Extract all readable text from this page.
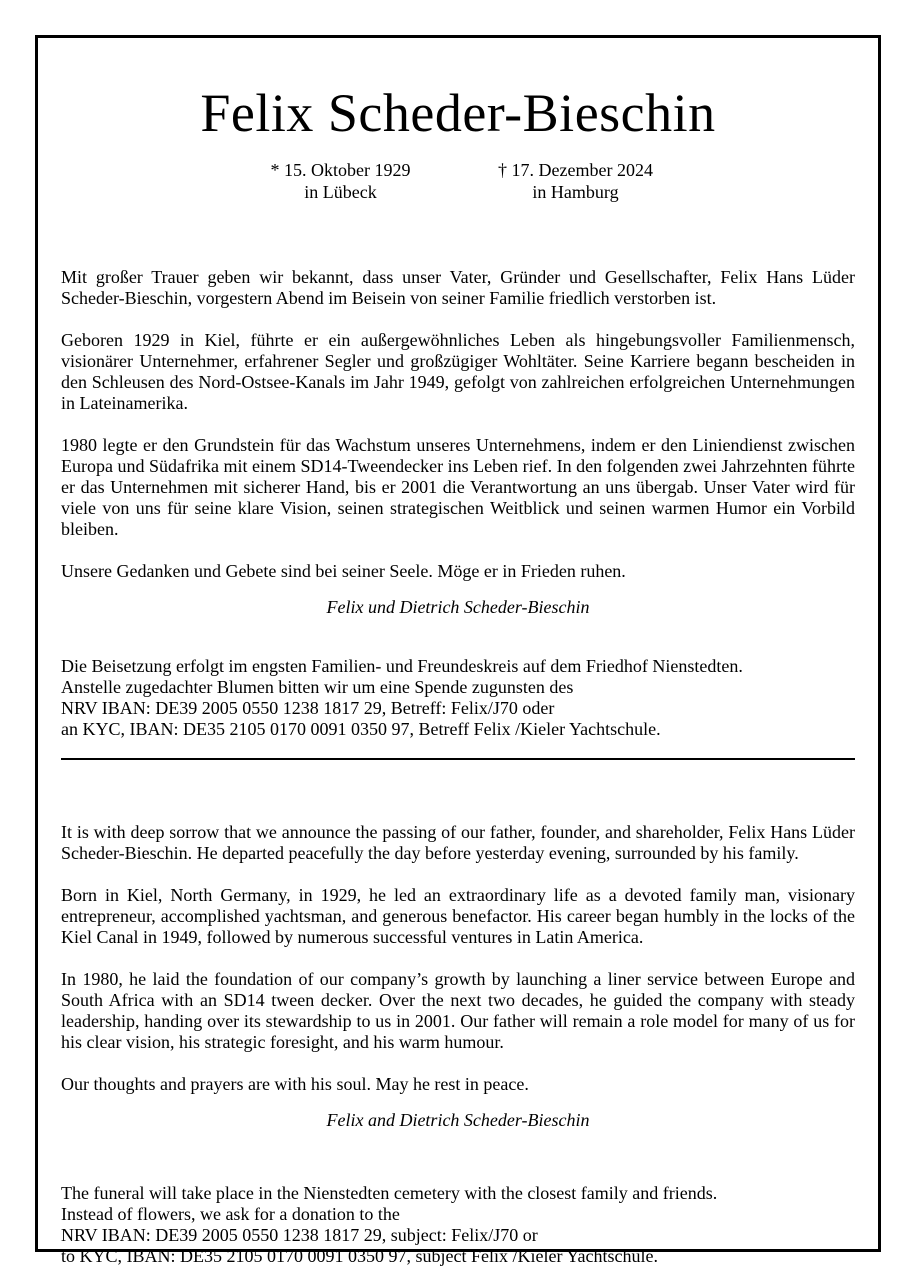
Felix Scheder-Bieschin
* 15. Oktober 1929
in Lübeck
† 17. Dezember 2024
in Hamburg

Mit großer Trauer geben wir bekannt, dass unser Vater, Gründer und Gesellschafter, Felix Hans Lüder Scheder-Bieschin, vorgestern Abend im Beisein von seiner Familie friedlich verstorben ist.

Geboren 1929 in Kiel, führte er ein außergewöhnliches Leben als hingebungsvoller Familienmensch, visionärer Unternehmer, erfahrener Segler und großzügiger Wohltäter. Seine Karriere begann bescheiden in den Schleusen des Nord-Ostsee-Kanals im Jahr 1949, gefolgt von zahlreichen erfolgreichen Unternehmungen in Lateinamerika.

1980 legte er den Grundstein für das Wachstum unseres Unternehmens, indem er den Liniendienst zwischen Europa und Südafrika mit einem SD14-Tweendecker ins Leben rief. In den folgenden zwei Jahrzehnten führte er das Unternehmen mit sicherer Hand, bis er 2001 die Verantwortung an uns übergab. Unser Vater wird für viele von uns für seine klare Vision, seinen strategischen Weitblick und seinen warmen Humor ein Vorbild bleiben.

Unsere Gedanken und Gebete sind bei seiner Seele. Möge er in Frieden ruhen.

Felix und Dietrich Scheder-Bieschin

Die Beisetzung erfolgt im engsten Familien- und Freundeskreis auf dem Friedhof Nienstedten.
Anstelle zugedachter Blumen bitten wir um eine Spende zugunsten des
NRV IBAN: DE39 2005 0550 1238 1817 29, Betreff: Felix/J70 oder
an KYC, IBAN: DE35 2105 0170 0091 0350 97, Betreff Felix /Kieler Yachtschule.

It is with deep sorrow that we announce the passing of our father, founder, and shareholder, Felix Hans Lüder Scheder-Bieschin. He departed peacefully the day before yesterday evening, surrounded by his family.

Born in Kiel, North Germany, in 1929, he led an extraordinary life as a devoted family man, visionary entrepreneur, accomplished yachtsman, and generous benefactor. His career began humbly in the locks of the Kiel Canal in 1949, followed by numerous successful ventures in Latin America.

In 1980, he laid the foundation of our company’s growth by launching a liner service between Europe and South Africa with an SD14 tween decker. Over the next two decades, he guided the company with steady leadership, handing over its stewardship to us in 2001. Our father will remain a role model for many of us for his clear vision, his strategic foresight, and his warm humour.

Our thoughts and prayers are with his soul. May he rest in peace.

Felix and Dietrich Scheder-Bieschin

The funeral will take place in the Nienstedten cemetery with the closest family and friends.
Instead of flowers, we ask for a donation to the
NRV IBAN: DE39 2005 0550 1238 1817 29, subject: Felix/J70 or
to KYC, IBAN: DE35 2105 0170 0091 0350 97, subject Felix /Kieler Yachtschule.
